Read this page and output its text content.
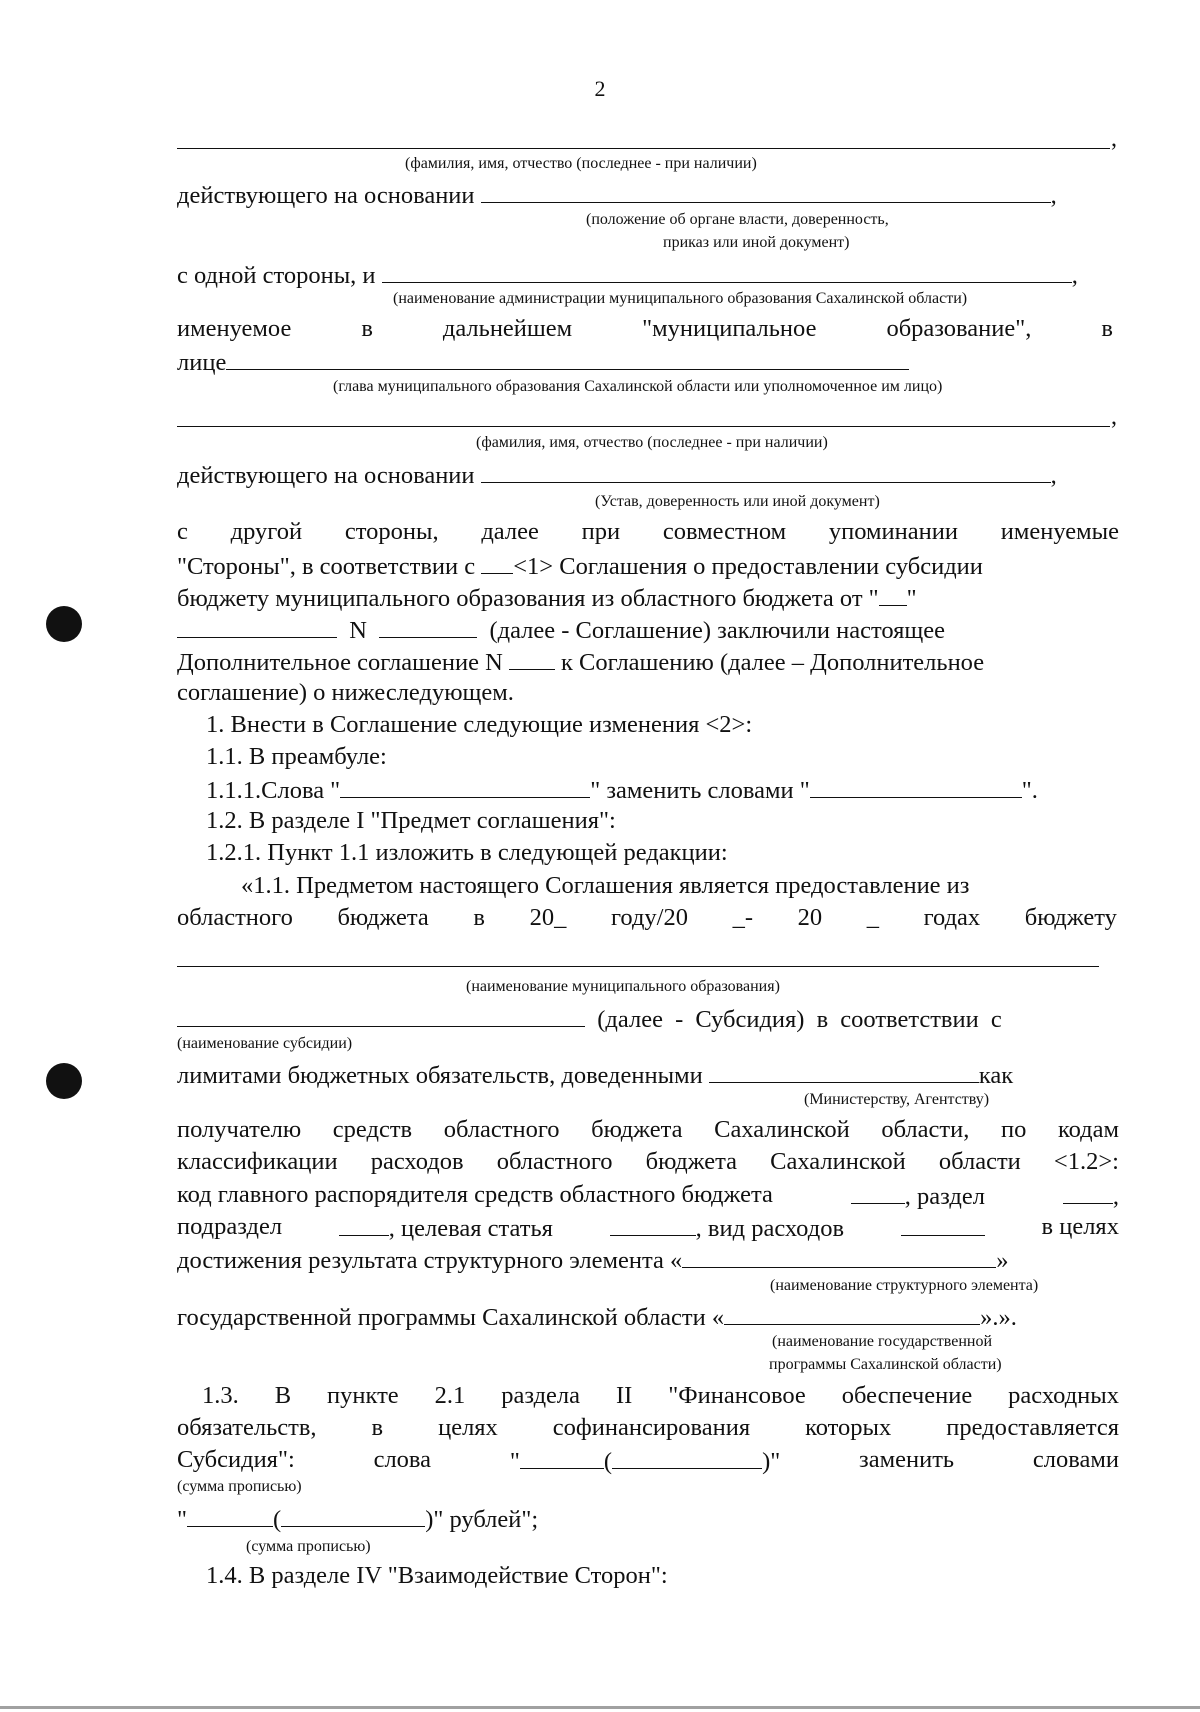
2
,
(фамилия, имя, отчество (последнее - при наличии)
действующего на основании	,
(положение об органе власти, доверенность,
приказ или иной документ)
с одной стороны, и	,
(наименование администрации муниципального образования Сахалинской области)
именуемое	в	дальнейшем	"муниципальное	образование",	в
лице
(глава муниципального образования Сахалинской области или уполномоченное им лицо)
,
(фамилия, имя, отчество (последнее - при наличии)
действующего на основании	,
(Устав, доверенность или иной документ)
с другой стороны, далее при совместном упоминании именуемые
"Стороны", в соответствии с <1> Соглашения о предоставлении субсидии
бюджету муниципального образования из областного бюджета от " "
N	(далее - Соглашение) заключили настоящее
Дополнительное соглашение N к Соглашению (далее – Дополнительное
соглашение) о нижеследующем.
1. Внести в Соглашение следующие изменения <2>:
1.1. В преамбуле:
1.1.1.Слова "	" заменить словами "	".
1.2. В разделе I "Предмет соглашения":
1.2.1. Пункт 1.1 изложить в следующей редакции:
«1.1. Предметом настоящего Соглашения является предоставление из
областного бюджета в 20_ году/20 _- 20 _ годах бюджету
(наименование муниципального образования)
(далее - Субсидия) в соответствии с
(наименование субсидии)
лимитами бюджетных обязательств, доведенными	как
(Министерству, Агентству)
получателю средств областного бюджета Сахалинской области, по кодам
классификации расходов областного бюджета Сахалинской области <1.2>:
код главного распорядителя средств областного бюджета	, раздел	,
подраздел	, целевая статья	, вид расходов	в целях
достижения результата структурного элемента «	»
(наименование структурного элемента)
государственной программы Сахалинской области «	».».
(наименование государственной
программы Сахалинской области)
1.3. В пункте 2.1 раздела II "Финансовое обеспечение расходных
обязательств, в целях софинансирования которых предоставляется
Субсидия":	слова	"	(	)"	заменить	словами
(сумма прописью)
"	(	)" рублей";
(сумма прописью)
1.4. В разделе IV "Взаимодействие Сторон":
